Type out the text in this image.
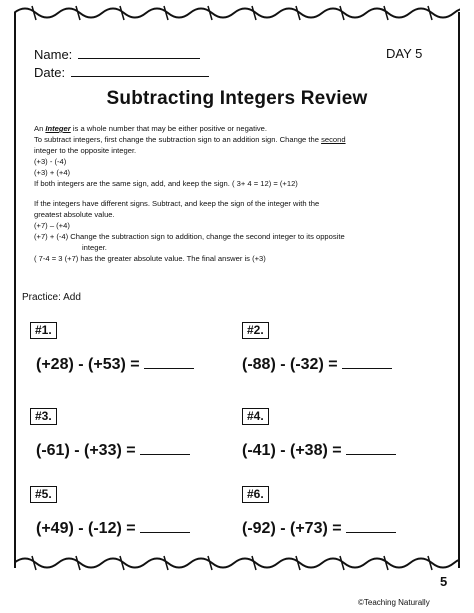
Name:
Date:
DAY 5
Subtracting Integers Review

An Integer is a whole number that may be either positive or negative.

To subtract integers, first change the subtraction sign to an addition sign. Change the second

integer to the opposite integer.

(+3) - (-4)

(+3) + (+4)

If both integers are the same sign, add, and keep the sign. ( 3+ 4 = 12) = (+12)

If the integers have different signs. Subtract, and keep the sign of the integer with the

greatest absolute value.

(+7) – (+4)

(+7) + (-4) Change the subtraction sign to addition, change the second integer to its opposite

integer.

( 7-4 = 3 (+7) has the greater absolute value. The final answer is (+3)

Practice: Add
#1.
(+28) - (+53) =
#2.
(-88) - (-32) =
#3.
(-61) - (+33) =
#4.
(-41) - (+38) =
#5.
(+49) - (-12) =
#6.
(-92) - (+73) =
5
©Teaching Naturally
